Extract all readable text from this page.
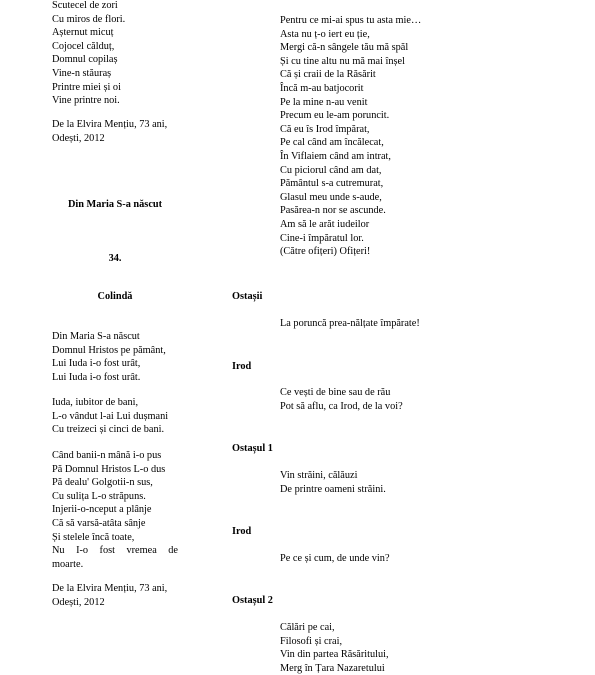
Scutecel de zori
Cu miros de flori.
Așternut micuț
Cojocel călduț,
Domnul copilaș
Vine-n stăuraș
Printre miei și oi
Vine printre noi.
De la Elvira Mențiu, 73 ani,
Odești, 2012
Din Maria S-a născut
34.
Colindă
Din Maria S-a născut
Domnul Hristos pe pământ,
Lui Iuda i-o fost urât,
Lui Iuda i-o fost urât.
Iuda, iubitor de bani,
L-o vândut l-ai Lui dușmani
Cu treizeci și cinci de bani.
Când banii-n mână i-o pus
Pă Domnul Hristos L-o dus
Pă dealu' Golgotii-n sus,
Cu sulița L-o străpuns.
Injerii-o-nceput a plânje
Că să varsă-atâta sânje
Și stelele încă toate,
Nu I-o fost vremea de
moarte.
De la Elvira Mențiu, 73 ani,
Odești, 2012
Pentru ce mi-ai spus tu asta mie…
Asta nu ț-o iert eu ție,
Mergi că-n sângele tău mă spăl
Și cu tine altu nu mă mai înșel
Că și craii de la Răsărit
Încă m-au batjocorit
Pe la mine n-au venit
Precum eu le-am poruncit.
Că eu îs Irod împărat,
Pe cal când am încălecat,
În Viflaiem când am intrat,
Cu piciorul când am dat,
Pământul s-a cutremurat,
Glasul meu unde s-aude,
Pasărea-n nor se ascunde.
Am să le arăt iudeilor
Cine-i împăratul lor.
(Către ofițeri) Ofițeri!
Ostașii
La poruncă prea-nălțate împărate!
Irod
Ce vești de bine sau de rău
Pot să aflu, ca Irod, de la voi?
Ostașul 1
Vin străini, călăuzi
De printre oameni străini.
Irod
Pe ce și cum, de unde vin?
Ostașul 2
Călări pe cai,
Filosofi și crai,
Vin din partea Răsăritului,
Merg în Țara Nazaretului
